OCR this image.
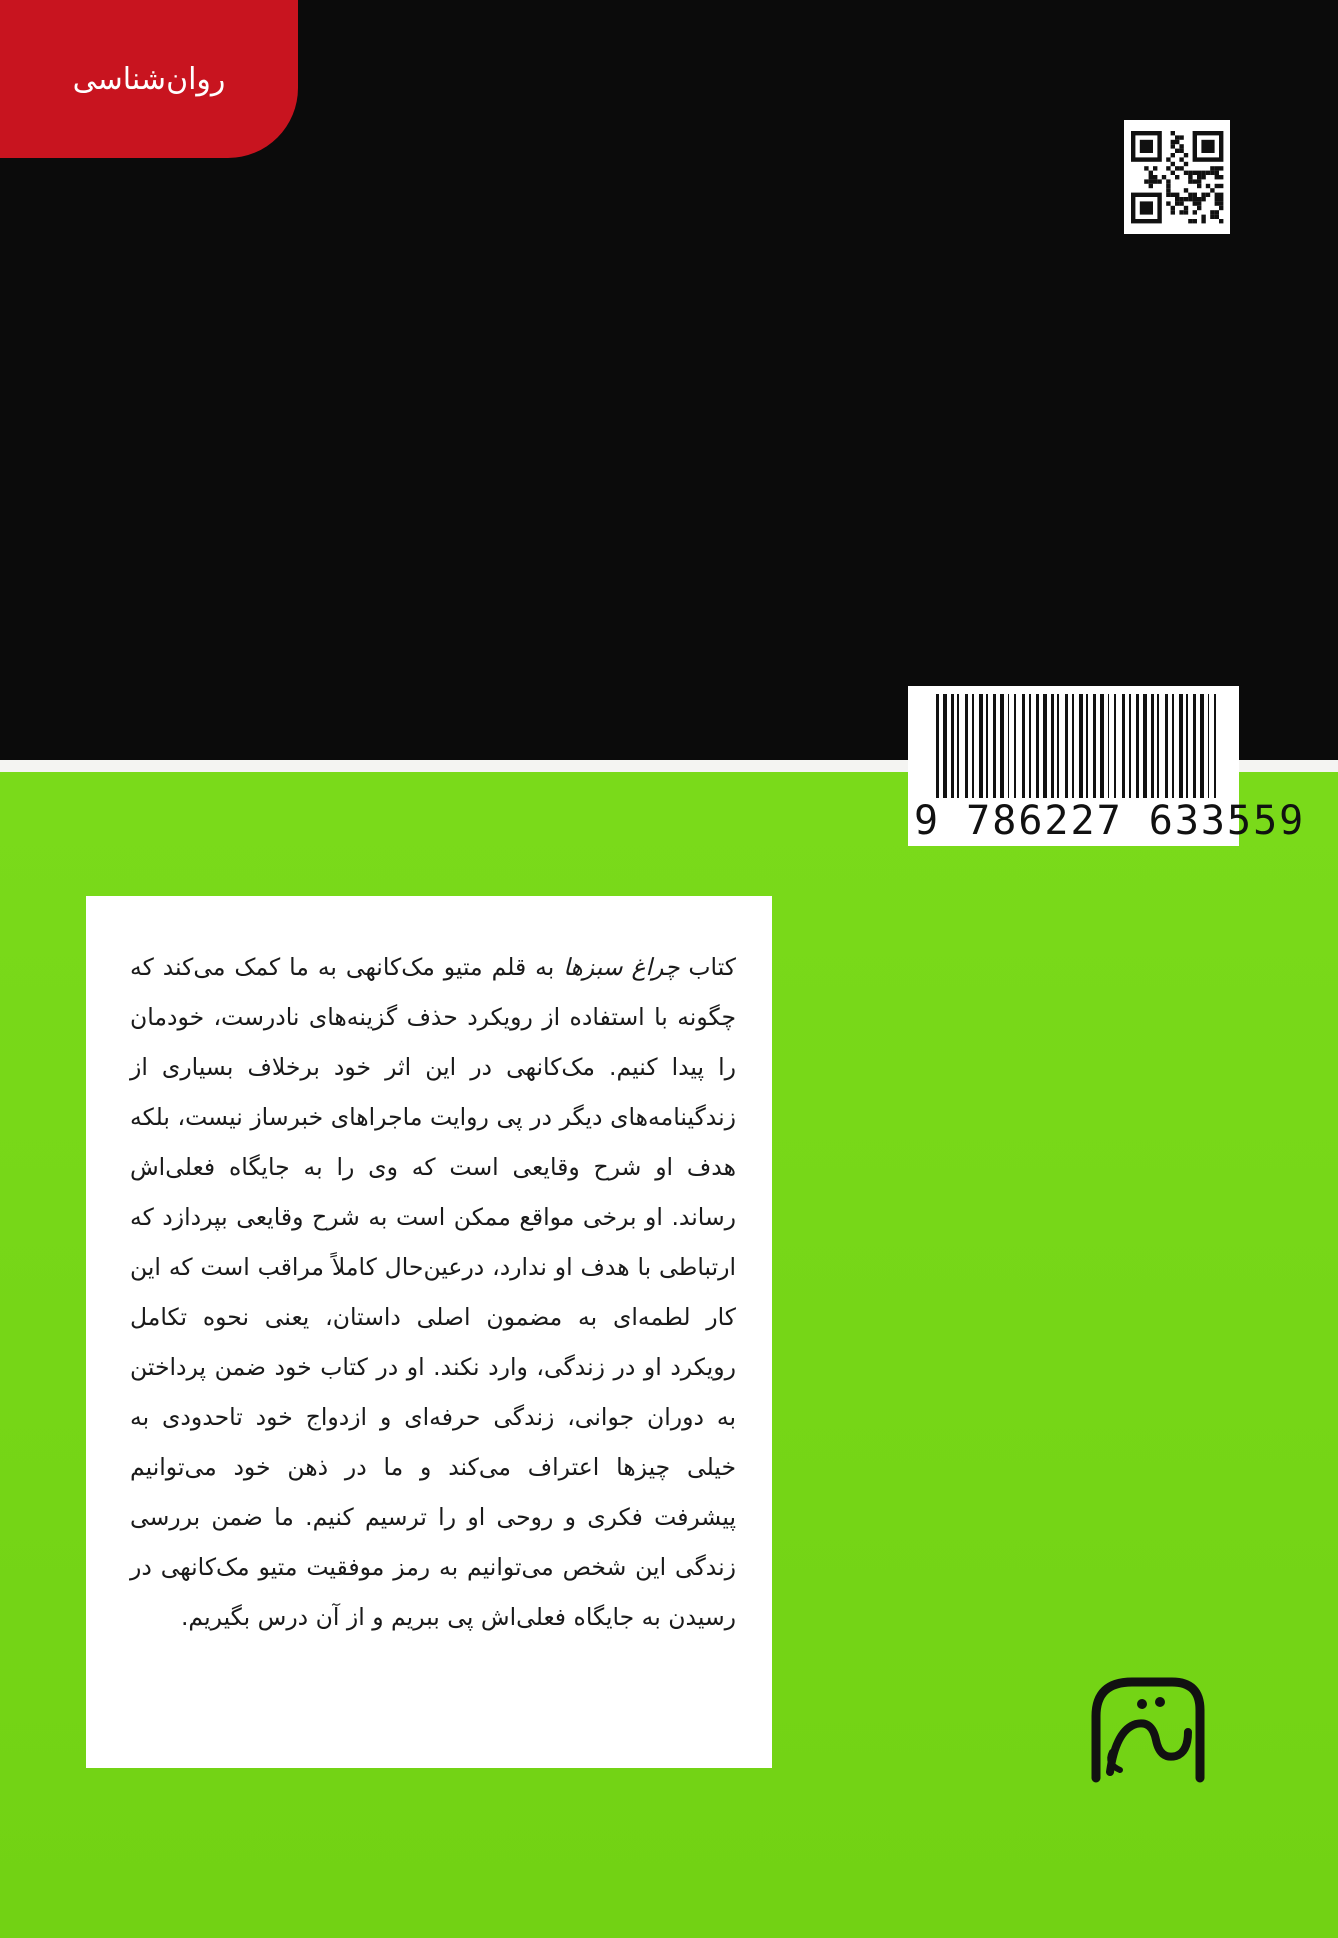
روان‌شناسی
9 786227 633559

کتاب چراغ سبزها به قلم متیو مک‌کانهی به ما کمک می‌کند که چگونه با استفاده از رویکرد حذف گزینه‌های نادرست، خودمان را پیدا کنیم. مک‌کانهی در این اثر خود برخلاف بسیاری از زندگینامه‌های دیگر در پی روایت ماجراهای خبرساز نیست، بلکه هدف او شرح وقایعی است که وی را به جایگاه فعلی‌اش رساند. او برخی مواقع ممکن است به شرح وقایعی بپردازد که ارتباطی با هدف او ندارد، درعین‌حال کاملاً مراقب است که این کار لطمه‌ای به مضمون اصلی داستان، یعنی نحوه تکامل رویکرد او در زندگی، وارد نکند. او در کتاب خود ضمن پرداختن به دوران جوانی، زندگی حرفه‌ای و ازدواج خود تاحدودی به خیلی چیزها اعتراف می‌کند و ما در ذهن خود می‌توانیم پیشرفت فکری و روحی او را ترسیم کنیم. ما ضمن بررسی زندگی این شخص می‌توانیم به رمز موفقیت متیو مک‌کانهی در رسیدن به جایگاه فعلی‌اش پی ببریم و از آن درس بگیریم.
